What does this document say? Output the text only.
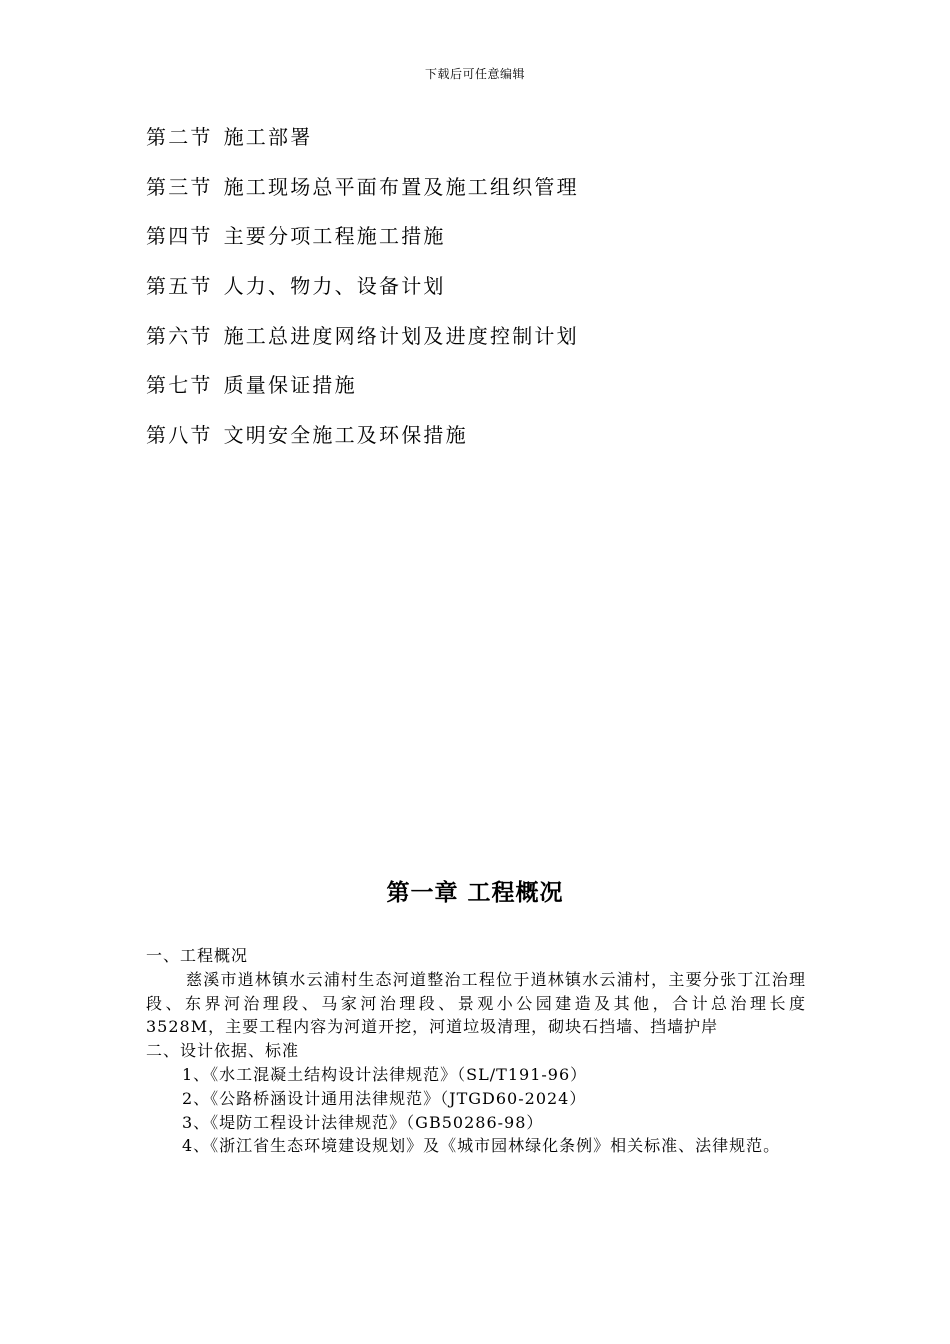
下载后可任意编辑
第二节 施工部署
第三节 施工现场总平面布置及施工组织管理
第四节 主要分项工程施工措施
第五节 人力、物力、设备计划
第六节 施工总进度网络计划及进度控制计划
第七节 质量保证措施
第八节 文明安全施工及环保措施
第一章 工程概况

一、工程概况

慈溪市逍林镇水云浦村生态河道整治工程位于逍林镇水云浦村，主要分张丁江治理段、东界河治理段、马家河治理段、景观小公园建造及其他，合计总治理长度 3528M，主要工程内容为河道开挖，河道垃圾清理，砌块石挡墙、挡墙护岸

二、设计依据、标准

1、《水工混凝土结构设计法律规范》（SL/T191-96）

2、《公路桥涵设计通用法律规范》（JTGD60-2024）

3、《堤防工程设计法律规范》（GB50286-98）

4、《浙江省生态环境建设规划》及《城市园林绿化条例》相关标准、法律规范。
